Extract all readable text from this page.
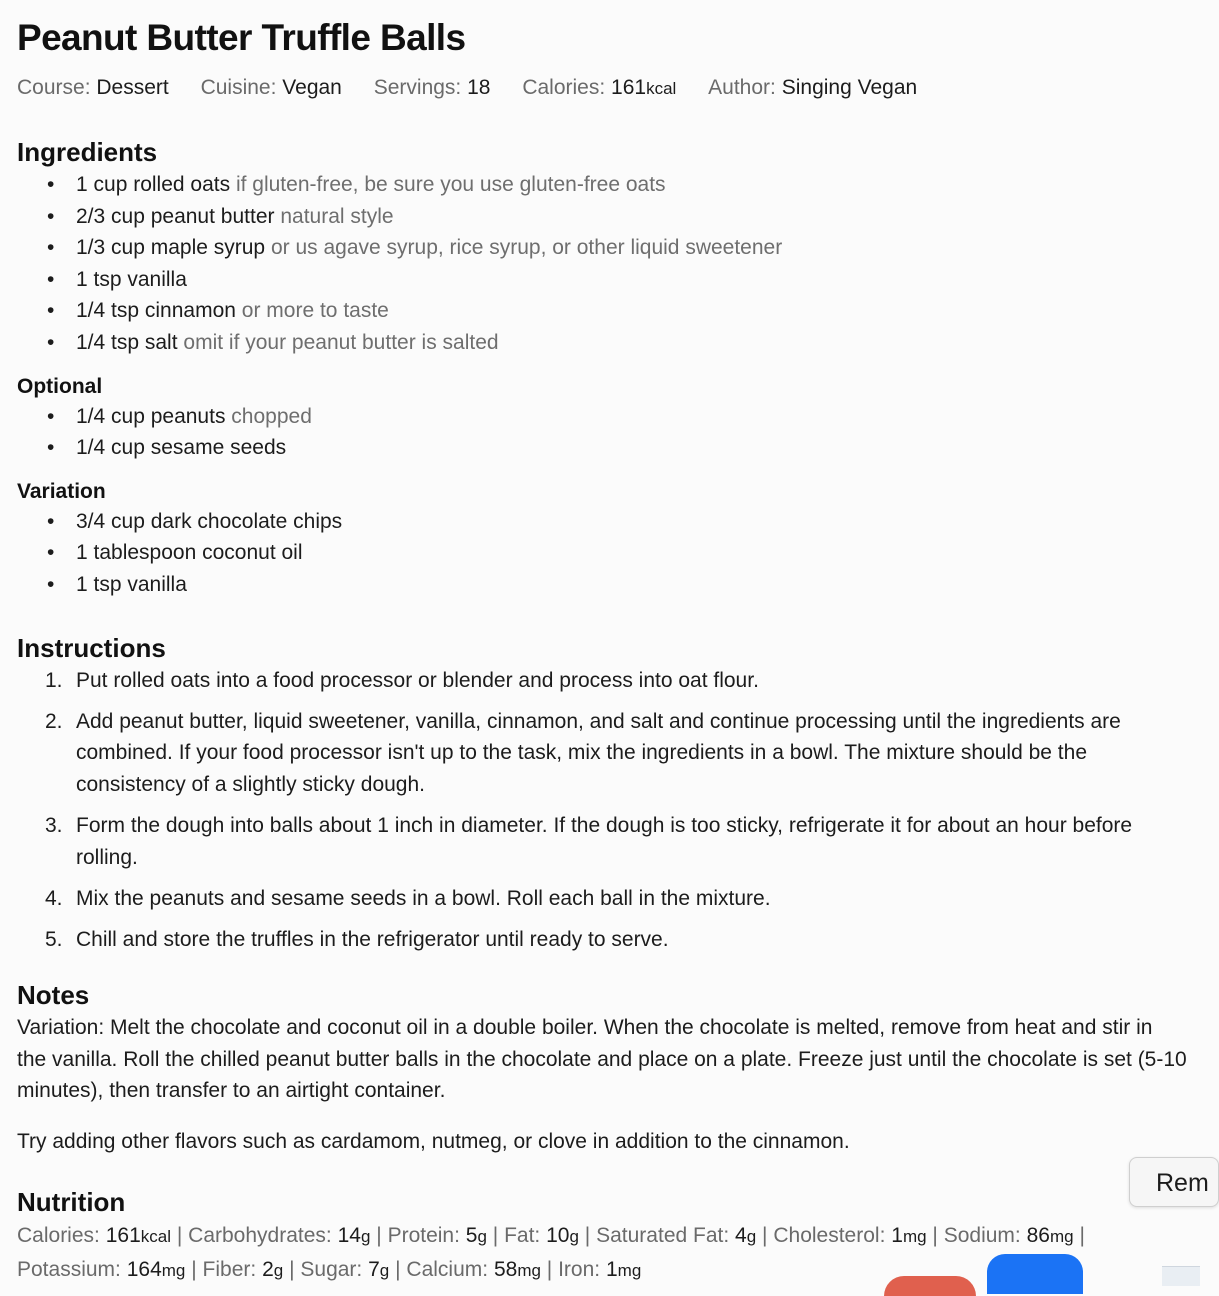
Peanut Butter Truffle Balls
Course: Dessert Cuisine: Vegan Servings: 18 Calories: 161kcal Author: Singing Vegan
Ingredients
• 1 cup rolled oats if gluten-free, be sure you use gluten-free oats
• 2/3 cup peanut butter natural style
• 1/3 cup maple syrup or us agave syrup, rice syrup, or other liquid sweetener
• 1 tsp vanilla
• 1/4 tsp cinnamon or more to taste
• 1/4 tsp salt omit if your peanut butter is salted
Optional
• 1/4 cup peanuts chopped
• 1/4 cup sesame seeds
Variation
• 3/4 cup dark chocolate chips
• 1 tablespoon coconut oil
• 1 tsp vanilla
Instructions
1. Put rolled oats into a food processor or blender and process into oat flour.
2. Add peanut butter, liquid sweetener, vanilla, cinnamon, and salt and continue processing until the ingredients are combined. If your food processor isn't up to the task, mix the ingredients in a bowl. The mixture should be the consistency of a slightly sticky dough.
3. Form the dough into balls about 1 inch in diameter. If the dough is too sticky, refrigerate it for about an hour before rolling.
4. Mix the peanuts and sesame seeds in a bowl. Roll each ball in the mixture.
5. Chill and store the truffles in the refrigerator until ready to serve.
Notes

Variation: Melt the chocolate and coconut oil in a double boiler. When the chocolate is melted, remove from heat and stir in the vanilla. Roll the chilled peanut butter balls in the chocolate and place on a plate. Freeze just until the chocolate is set (5-10 minutes), then transfer to an airtight container.

Try adding other flavors such as cardamom, nutmeg, or clove in addition to the cinnamon.

Nutrition
Calories: 161kcal | Carbohydrates: 14g | Protein: 5g | Fat: 10g | Saturated Fat: 4g | Cholesterol: 1mg | Sodium: 86mg | Potassium: 164mg | Fiber: 2g | Sugar: 7g | Calcium: 58mg | Iron: 1mg
Rem
